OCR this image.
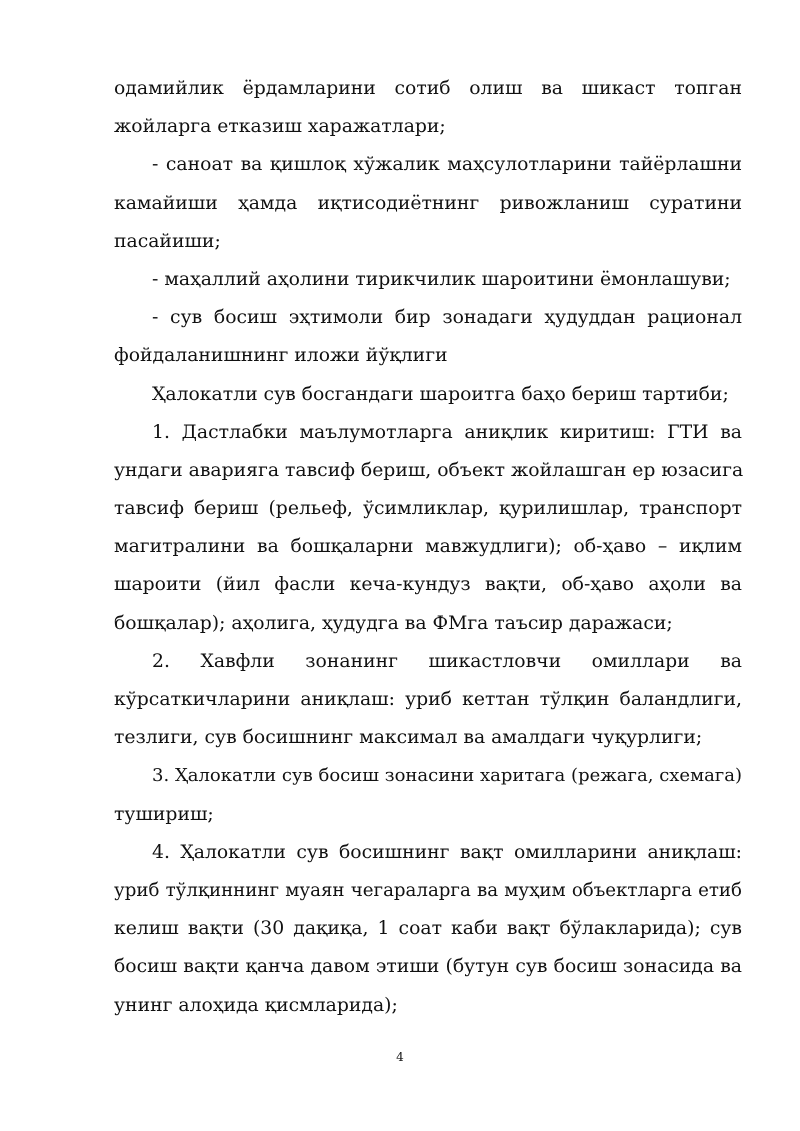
одамийлик ёрдамларини сотиб олиш ва шикаст топган
жойларга етказиш харажатлари;
- саноат ва қишлоқ хўжалик маҳсулотларини тайёрлашни
камайиши ҳамда иқтисодиётнинг ривожланиш суратини
пасайиши;
- маҳаллий аҳолини тирикчилик шароитини ёмонлашуви;
- сув босиш эҳтимоли бир зонадаги ҳудуддан рационал
фойдаланишнинг иложи йўқлиги
Ҳалокатли сув босгандаги шароитга баҳо бериш тартиби;
1. Дастлабки маълумотларга аниқлик киритиш: ГТИ ва
ундаги аварияга тавсиф бериш, объект жойлашган ер юзасига
тавсиф бериш (рельеф, ўсимликлар, қурилишлар, транспорт
магитралини ва бошқаларни мавжудлиги); об-ҳаво – иқлим
шароити (йил фасли кеча-кундуз вақти, об-ҳаво аҳоли ва
бошқалар); аҳолига, ҳудудга ва ФМга таъсир даражаси;
2. Хавфли зонанинг шикастловчи омиллари ва
кўрсаткичларини аниқлаш: уриб кеттан тўлқин баландлиги,
тезлиги, сув босишнинг максимал ва амалдаги чуқурлиги;
3. Ҳалокатли сув босиш зонасини харитага (режага, схемага)
тушириш;
4. Ҳалокатли сув босишнинг вақт омилларини аниқлаш:
уриб тўлқиннинг муаян чегараларга ва муҳим объектларга етиб
келиш вақти (30 дақиқа, 1 соат каби вақт бўлакларида); сув
босиш вақти қанча давом этиши (бутун сув босиш зонасида ва
унинг алоҳида қисмларида);
4
